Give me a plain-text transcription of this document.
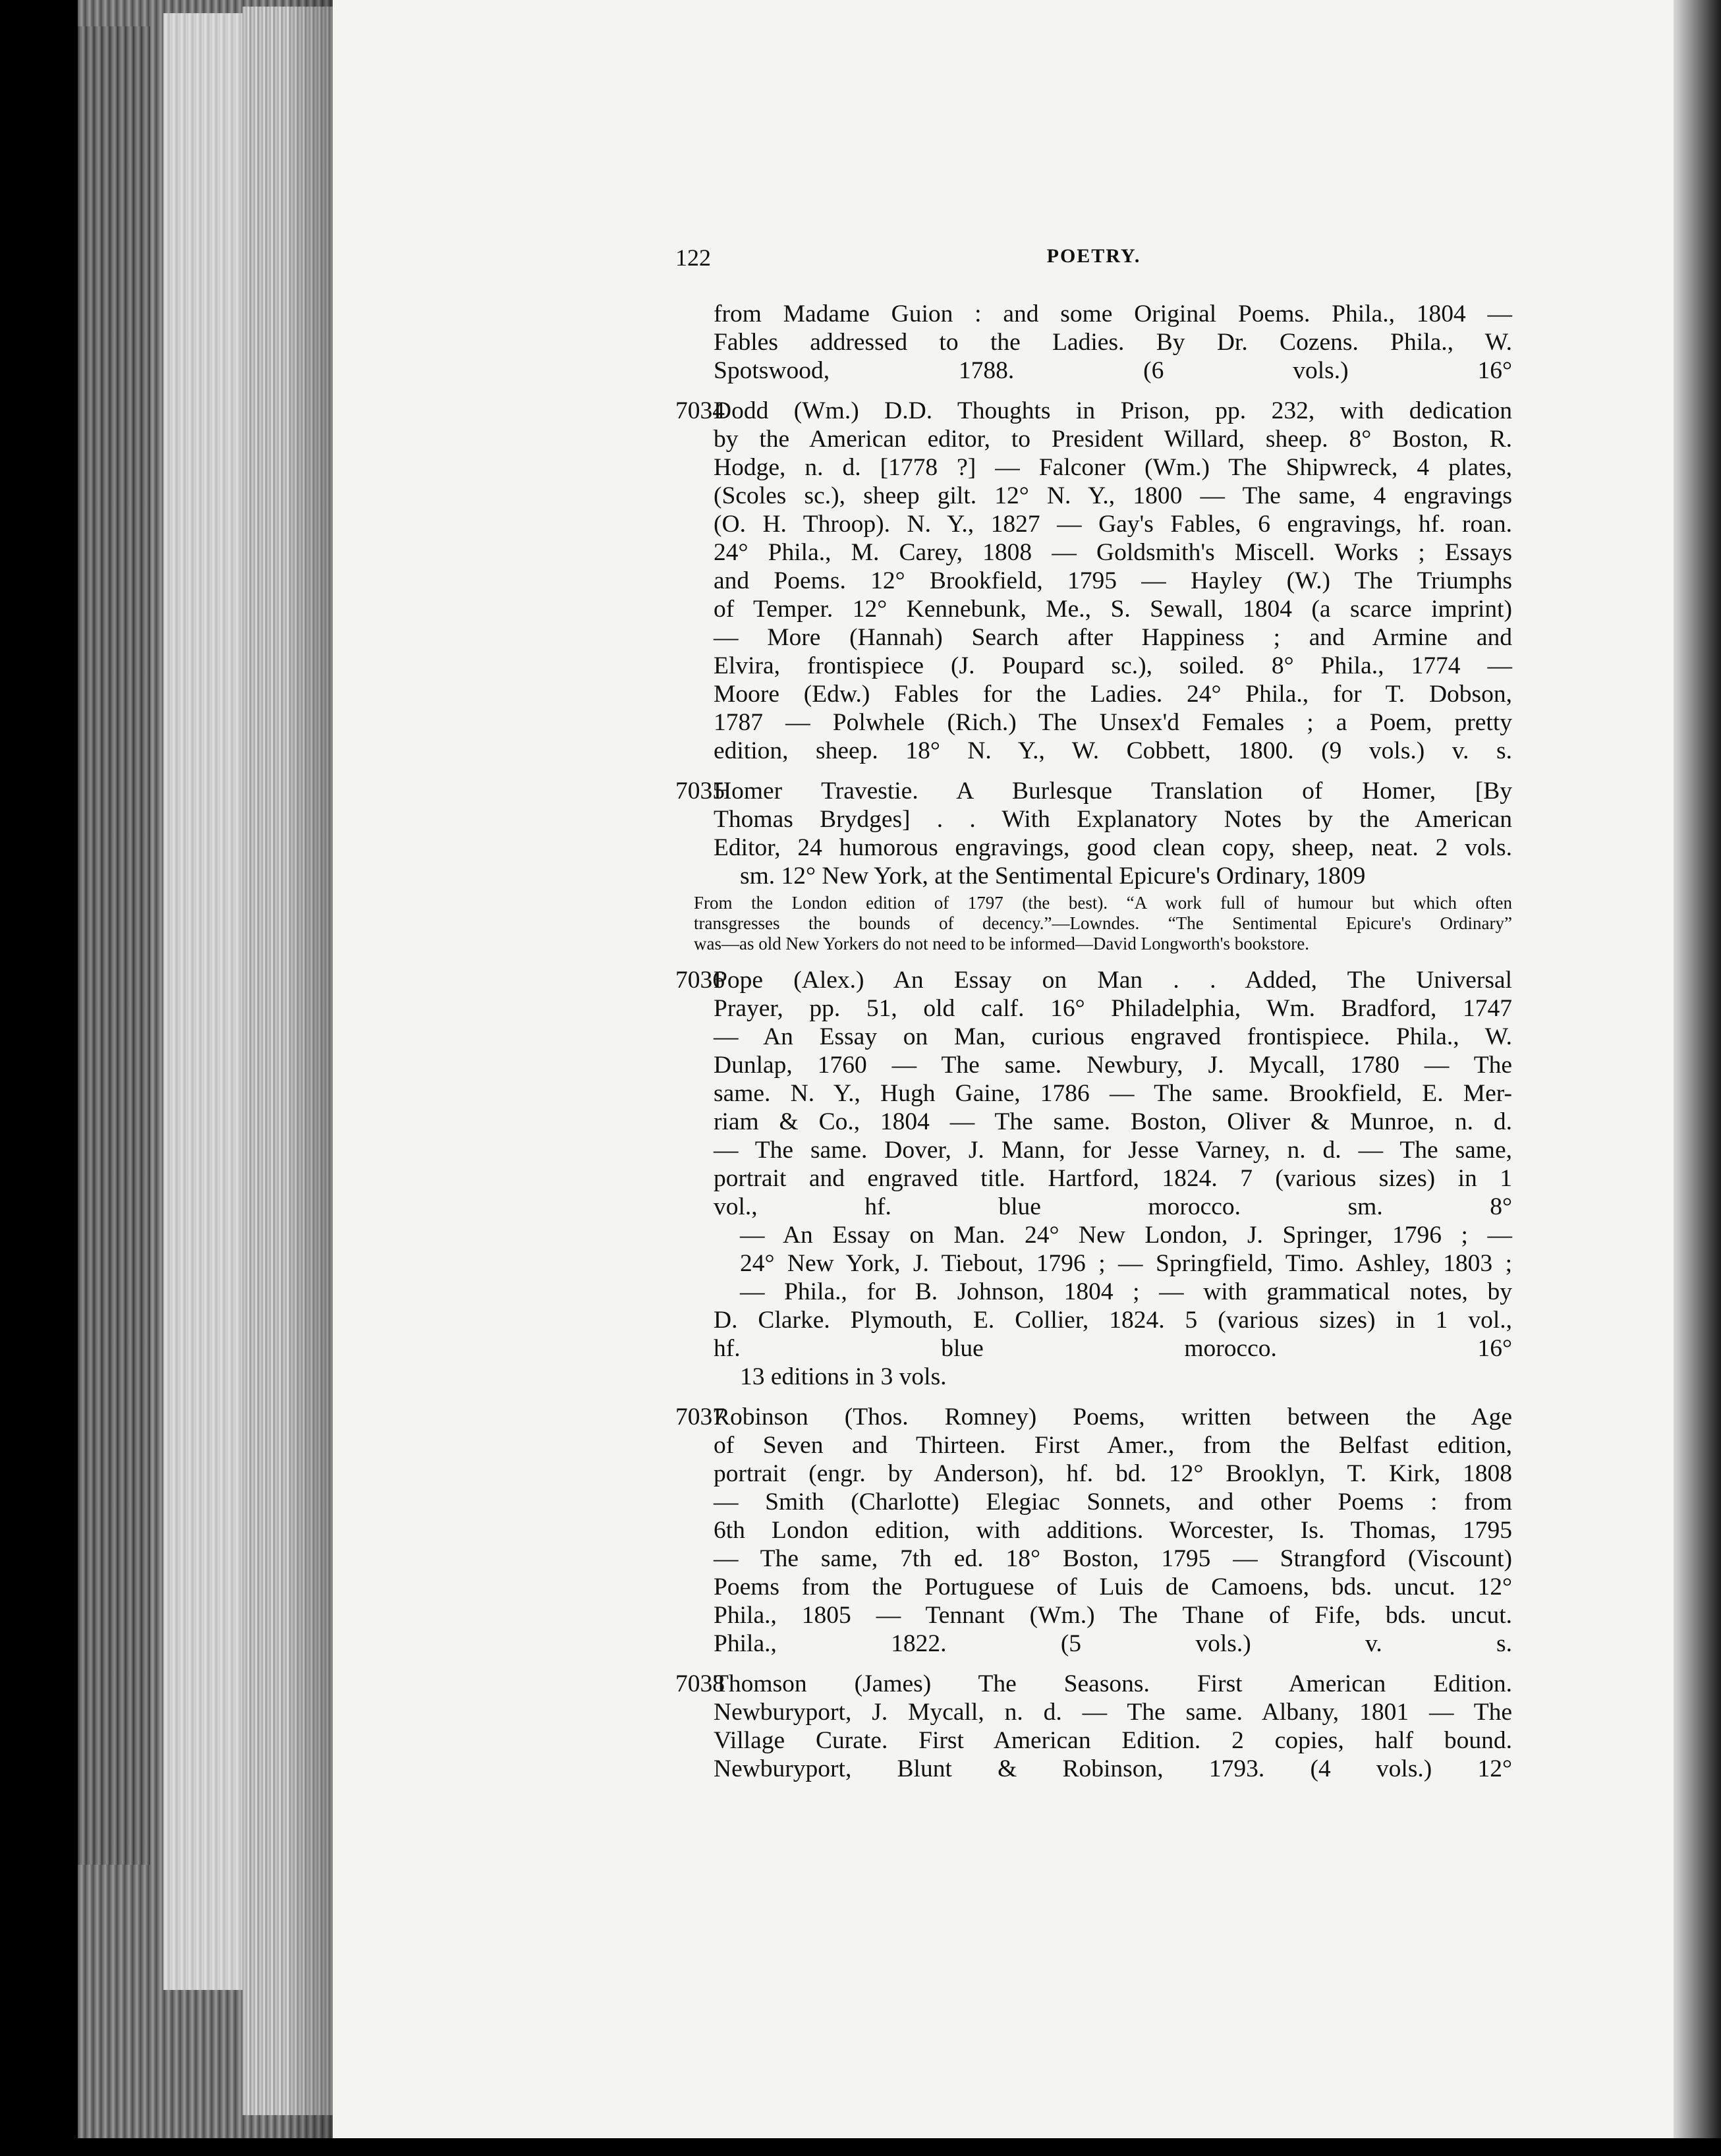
122	POETRY.
from Madame Guion : and some Original Poems. Phila., 1804 —
Fables addressed to the Ladies. By Dr. Cozens. Phila., W.
Spotswood, 1788. (6 vols.) 16°
7034
Dodd (Wm.) D.D. Thoughts in Prison, pp. 232, with dedication
by the American editor, to President Willard, sheep. 8° Boston, R.
Hodge, n. d. [1778 ?] — Falconer (Wm.) The Shipwreck, 4 plates,
(Scoles sc.), sheep gilt. 12° N. Y., 1800 — The same, 4 engravings
(O. H. Throop). N. Y., 1827 — Gay's Fables, 6 engravings, hf. roan.
24° Phila., M. Carey, 1808 — Goldsmith's Miscell. Works ; Essays
and Poems. 12° Brookfield, 1795 — Hayley (W.) The Triumphs
of Temper. 12° Kennebunk, Me., S. Sewall, 1804 (a scarce imprint)
— More (Hannah) Search after Happiness ; and Armine and
Elvira, frontispiece (J. Poupard sc.), soiled. 8° Phila., 1774 —
Moore (Edw.) Fables for the Ladies. 24° Phila., for T. Dobson,
1787 — Polwhele (Rich.) The Unsex'd Females ; a Poem, pretty
edition, sheep. 18° N. Y., W. Cobbett, 1800. (9 vols.) v. s.
7035
Homer Travestie. A Burlesque Translation of Homer, [By
Thomas Brydges] . . With Explanatory Notes by the American
Editor, 24 humorous engravings, good clean copy, sheep, neat. 2 vols.
sm. 12° New York, at the Sentimental Epicure's Ordinary, 1809
From the London edition of 1797 (the best). “A work full of humour but which often
transgresses the bounds of decency.”—Lowndes. “The Sentimental Epicure's Ordinary”
was—as old New Yorkers do not need to be informed—David Longworth's bookstore.
7036
Pope (Alex.) An Essay on Man . . Added, The Universal
Prayer, pp. 51, old calf. 16° Philadelphia, Wm. Bradford, 1747
— An Essay on Man, curious engraved frontispiece. Phila., W.
Dunlap, 1760 — The same. Newbury, J. Mycall, 1780 — The
same. N. Y., Hugh Gaine, 1786 — The same. Brookfield, E. Mer-
riam & Co., 1804 — The same. Boston, Oliver & Munroe, n. d.
— The same. Dover, J. Mann, for Jesse Varney, n. d. — The same,
portrait and engraved title. Hartford, 1824. 7 (various sizes) in 1
vol., hf. blue morocco. sm. 8°
— An Essay on Man. 24° New London, J. Springer, 1796 ; —
24° New York, J. Tiebout, 1796 ; — Springfield, Timo. Ashley, 1803 ;
— Phila., for B. Johnson, 1804 ; — with grammatical notes, by
D. Clarke. Plymouth, E. Collier, 1824. 5 (various sizes) in 1 vol.,
hf. blue morocco. 16°
13 editions in 3 vols.
7037
Robinson (Thos. Romney) Poems, written between the Age
of Seven and Thirteen. First Amer., from the Belfast edition,
portrait (engr. by Anderson), hf. bd. 12° Brooklyn, T. Kirk, 1808
— Smith (Charlotte) Elegiac Sonnets, and other Poems : from
6th London edition, with additions. Worcester, Is. Thomas, 1795
— The same, 7th ed. 18° Boston, 1795 — Strangford (Viscount)
Poems from the Portuguese of Luis de Camoens, bds. uncut. 12°
Phila., 1805 — Tennant (Wm.) The Thane of Fife, bds. uncut.
Phila., 1822. (5 vols.) v. s.
7038
Thomson (James) The Seasons. First American Edition.
Newburyport, J. Mycall, n. d. — The same. Albany, 1801 — The
Village Curate. First American Edition. 2 copies, half bound.
Newburyport, Blunt & Robinson, 1793. (4 vols.) 12°
